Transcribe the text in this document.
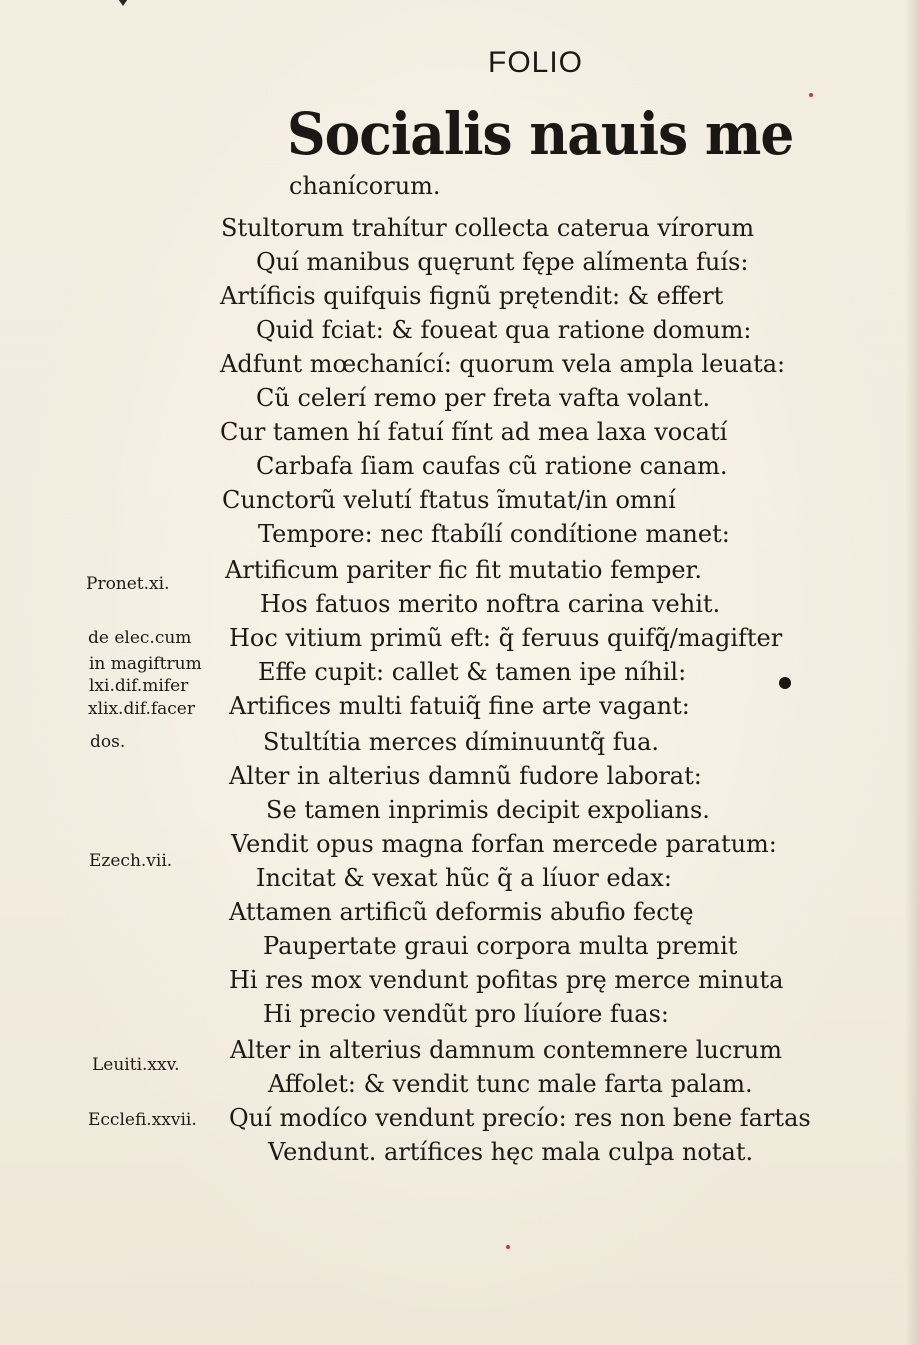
FOLIO
Socialis nauis me
chanícorum.
Stultorum trahítur collecta caterua vírorum
Quí manibus quęrunt fępe alímenta fuís:
Artíficis quifquis fignũ prętendit: & effert
Quid fciat: & foueat qua ratione domum:
Adfunt mœchanící: quorum vela ampla leuata:
Cũ celerí remo per freta vafta volant.
Cur tamen hí fatuí fínt ad mea laxa vocatí
Carbafa ſiam caufas cũ ratione canam.
Cunctorũ velutí ftatus ĩmutat/in omní
Tempore: nec ftabílí condítione manet:
Artificum pariter fic fit mutatio femper.
Hos fatuos merito noftra carina vehit.
Hoc vitium primũ eft: q̃ feruus quifq̃/magifter
Effe cupit: callet & tamen ipe níhil:
Artifices multi fatuiq̃ fine arte vagant:
Stultítia merces díminuuntq̃ fua.
Alter in alterius damnũ fudore laborat:
Se tamen inprimis decipit expolians.
Vendit opus magna forfan mercede paratum:
Incitat & vexat hũc q̃ a líuor edax:
Attamen artificũ deformis abufio fectę
Paupertate graui corpora multa premit
Hi res mox vendunt pofitas prę merce minuta
Hi precio vendũt pro líuíore fuas:
Alter in alterius damnum contemnere lucrum
Affolet: & vendit tunc male farta palam.
Quí modíco vendunt precío: res non bene fartas
Vendunt. artífices hęc mala culpa notat.
Pronet.xi.
de elec.cum
in magiftrum
lxi.dif.mifer
xlix.dif.facer
dos.
Ezech.vii.
Leuiti.xxv.
Ecclefi.xxvii.
